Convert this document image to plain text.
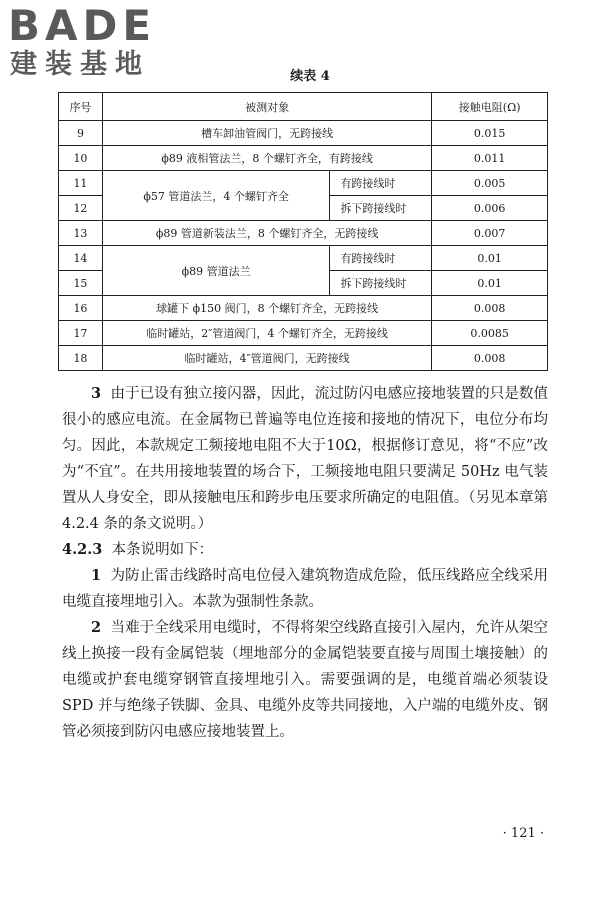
BADE
建装基地	续表 4
序号	被测对象		接触电阻(Ω)
9	槽车卸油管阀门，无跨接线		0.015
10	ϕ89 液相管法兰，8 个螺钉齐全，有跨接线		0.011
11	ϕ57 管道法兰，4 个螺钉齐全	有跨接线时	0.005
12		拆下跨接线时	0.006
13	ϕ89 管道新装法兰，8 个螺钉齐全，无跨接线		0.007
14	ϕ89 管道法兰	有跨接线时	0.01
15		拆下跨接线时	0.01
16	球罐下 ϕ150 阀门，8 个螺钉齐全，无跨接线		0.008
17	临时罐站，2″管道阀门，4 个螺钉齐全，无跨接线		0.0085
18	临时罐站，4″管道阀门，无跨接线		0.008

3 由于已设有独立接闪器，因此，流过防闪电感应接地装置的只是数值很小的感应电流。在金属物已普遍等电位连接和接地的情况下，电位分布均匀。因此，本款规定工频接地电阻不大于10Ω，根据修订意见，将“不应”改为“不宜”。在共用接地装置的场合下，工频接地电阻只要满足 50Hz 电气装置从人身安全，即从接触电压和跨步电压要求所确定的电阻值。（另见本章第 4.2.4 条的条文说明。）

4.2.3 本条说明如下：

1 为防止雷击线路时高电位侵入建筑物造成危险，低压线路应全线采用电缆直接埋地引入。本款为强制性条款。

2 当难于全线采用电缆时，不得将架空线路直接引入屋内，允许从架空线上换接一段有金属铠装（埋地部分的金属铠装要直接与周围土壤接触）的电缆或护套电缆穿钢管直接埋地引入。需要强调的是，电缆首端必须装设 SPD 并与绝缘子铁脚、金具、电缆外皮等共同接地，入户端的电缆外皮、钢管必须接到防闪电感应接地装置上。

· 121 ·
